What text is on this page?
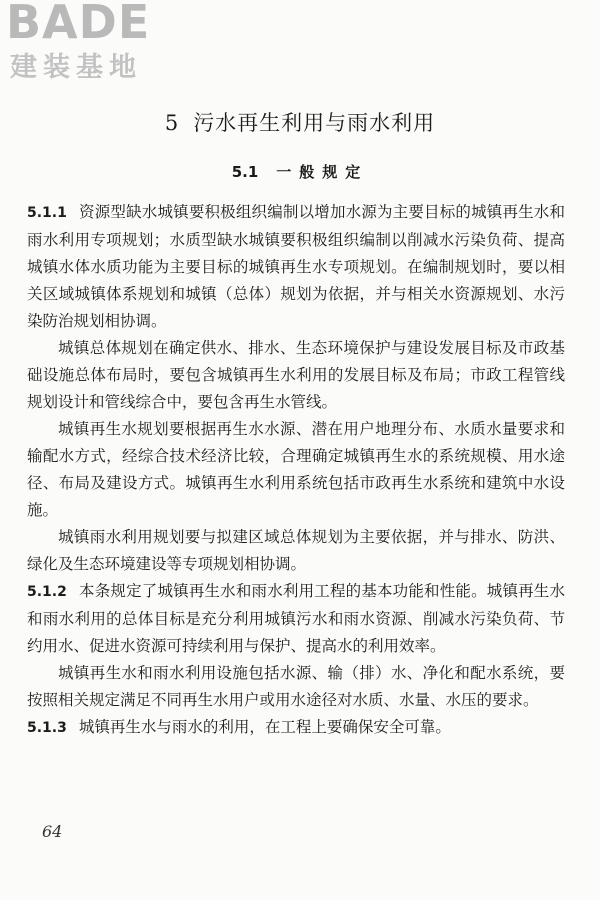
BADE
建装基地
5 污水再生利用与雨水利用
5.1 一般规定

5.1.1 资源型缺水城镇要积极组织编制以增加水源为主要目标的城镇再生水和雨水利用专项规划；水质型缺水城镇要积极组织编制以削减水污染负荷、提高城镇水体水质功能为主要目标的城镇再生水专项规划。在编制规划时，要以相关区域城镇体系规划和城镇（总体）规划为依据，并与相关水资源规划、水污染防治规划相协调。

城镇总体规划在确定供水、排水、生态环境保护与建设发展目标及市政基础设施总体布局时，要包含城镇再生水利用的发展目标及布局；市政工程管线规划设计和管线综合中，要包含再生水管线。

城镇再生水规划要根据再生水水源、潜在用户地理分布、水质水量要求和输配水方式，经综合技术经济比较，合理确定城镇再生水的系统规模、用水途径、布局及建设方式。城镇再生水利用系统包括市政再生水系统和建筑中水设施。

城镇雨水利用规划要与拟建区域总体规划为主要依据，并与排水、防洪、绿化及生态环境建设等专项规划相协调。

5.1.2 本条规定了城镇再生水和雨水利用工程的基本功能和性能。城镇再生水和雨水利用的总体目标是充分利用城镇污水和雨水资源、削减水污染负荷、节约用水、促进水资源可持续利用与保护、提高水的利用效率。

城镇再生水和雨水利用设施包括水源、输（排）水、净化和配水系统，要按照相关规定满足不同再生水用户或用水途径对水质、水量、水压的要求。

5.1.3 城镇再生水与雨水的利用，在工程上要确保安全可靠。

64
